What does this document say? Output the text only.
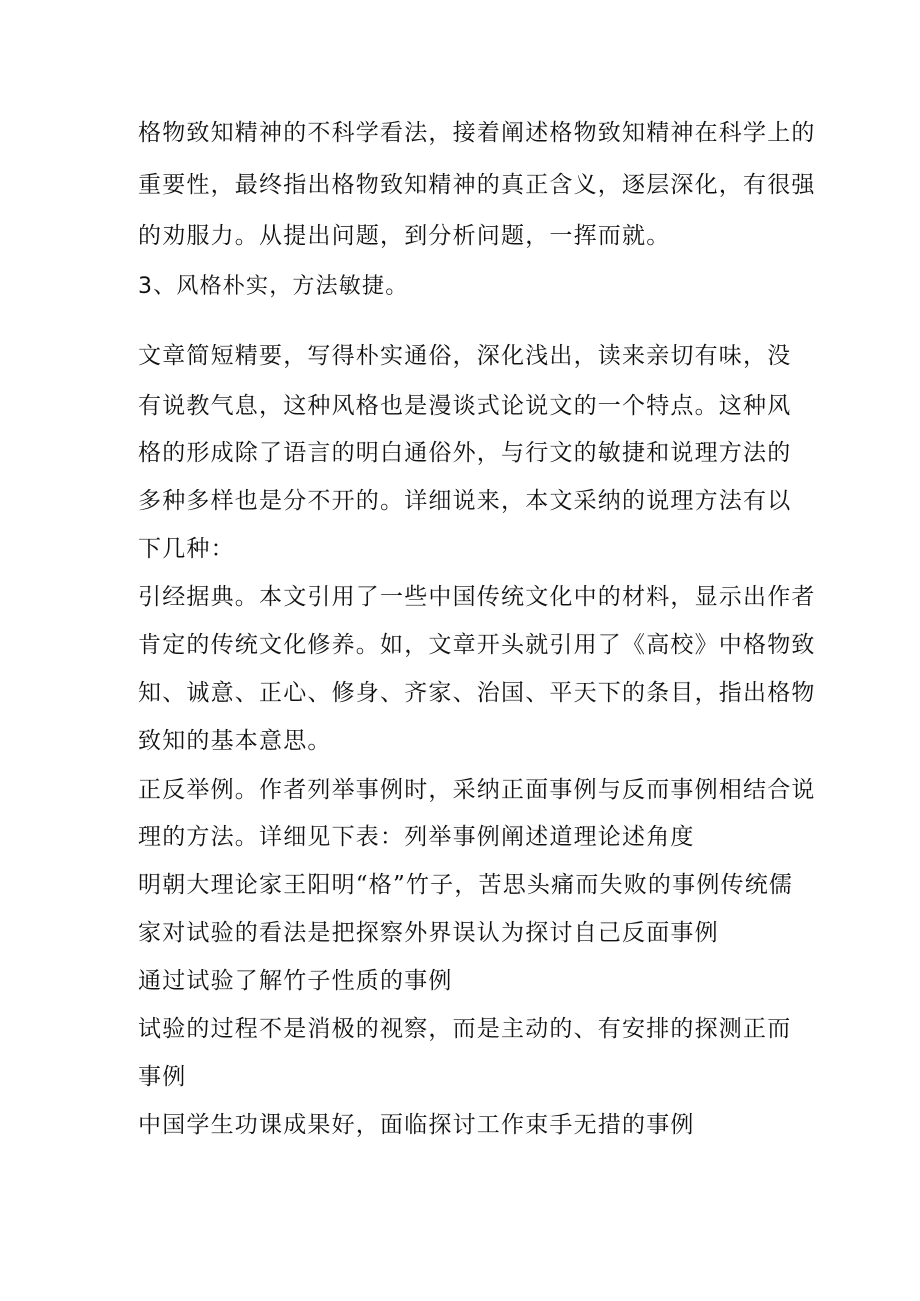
格物致知精神的不科学看法，接着阐述格物致知精神在科学上的
重要性，最终指出格物致知精神的真正含义，逐层深化，有很强
的劝服力。从提出问题，到分析问题，一挥而就。
3、风格朴实，方法敏捷。
文章简短精要，写得朴实通俗，深化浅出，读来亲切有味，没
有说教气息，这种风格也是漫谈式论说文的一个特点。这种风
格的形成除了语言的明白通俗外，与行文的敏捷和说理方法的
多种多样也是分不开的。详细说来，本文采纳的说理方法有以
下几种：
引经据典。本文引用了一些中国传统文化中的材料，显示出作者
肯定的传统文化修养。如，文章开头就引用了《高校》中格物致
知、诚意、正心、修身、齐家、治国、平天下的条目，指出格物
致知的基本意思。
正反举例。作者列举事例时，采纳正面事例与反而事例相结合说
理的方法。详细见下表：列举事例阐述道理论述角度
明朝大理论家王阳明“格”竹子，苦思头痛而失败的事例传统儒
家对试验的看法是把探察外界误认为探讨自己反面事例
通过试验了解竹子性质的事例
试验的过程不是消极的视察，而是主动的、有安排的探测正而
事例
中国学生功课成果好，面临探讨工作束手无措的事例
